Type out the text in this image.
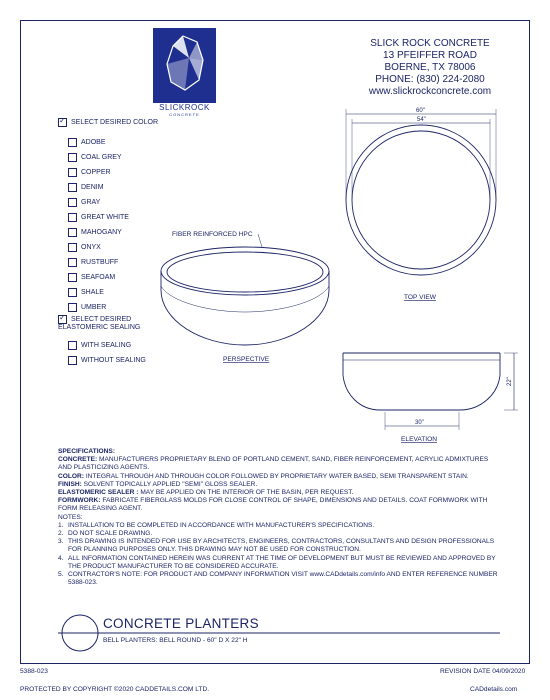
SLICKROCK
CONCRETE
SLICK ROCK CONCRETE
13 PFEIFFER ROAD
BOERNE, TX 78006
PHONE: (830) 224-2080
www.slickrockconcrete.com
✓SELECT DESIRED COLOR
ADOBE
COAL GREY
COPPER
DENIM
GRAY
GREAT WHITE
MAHOGANY
ONYX
RUSTBUFF
SEAFOAM
SHALE
UMBER
✓SELECT DESIRED
ELASTOMERIC SEALING
WITH SEALING
WITHOUT SEALING
FIBER REINFORCED HPC
PERSPECTIVE
60"
54"
TOP VIEW
22"
30"
ELEVATION

SPECIFICATIONS:

CONCRETE: MANUFACTURERS PROPRIETARY BLEND OF PORTLAND CEMENT, SAND, FIBER REINFORCEMENT, ACRYLIC ADMIXTURES AND PLASTICIZING AGENTS.

COLOR: INTEGRAL THROUGH AND THROUGH COLOR FOLLOWED BY PROPRIETARY WATER BASED, SEMI TRANSPARENT STAIN.

FINISH: SOLVENT TOPICALLY APPLIED "SEMI" GLOSS SEALER.

ELASTOMERIC SEALER : MAY BE APPLIED ON THE INTERIOR OF THE BASIN, PER REQUEST.

FORMWORK: FABRICATE FIBERGLASS MOLDS FOR CLOSE CONTROL OF SHAPE, DIMENSIONS AND DETAILS. COAT FORMWORK WITH FORM RELEASING AGENT.

NOTES:

1. INSTALLATION TO BE COMPLETED IN ACCORDANCE WITH MANUFACTURER'S SPECIFICATIONS.
2. DO NOT SCALE DRAWING.
3. THIS DRAWING IS INTENDED FOR USE BY ARCHITECTS, ENGINEERS, CONTRACTORS, CONSULTANTS AND DESIGN PROFESSIONALS FOR PLANNING PURPOSES ONLY. THIS DRAWING MAY NOT BE USED FOR CONSTRUCTION.
4. ALL INFORMATION CONTAINED HEREIN WAS CURRENT AT THE TIME OF DEVELOPMENT BUT MUST BE REVIEWED AND APPROVED BY THE PRODUCT MANUFACTURER TO BE CONSIDERED ACCURATE.
5. CONTRACTOR'S NOTE: FOR PRODUCT AND COMPANY INFORMATION VISIT www.CADdetails.com/info AND ENTER REFERENCE NUMBER 5388-023.
CONCRETE PLANTERS
BELL PLANTERS: BELL ROUND - 60" D X 22" H
5388-023	REVISION DATE 04/09/2020
PROTECTED BY COPYRIGHT ©2020 CADDETAILS.COM LTD.	CADdetails.com
